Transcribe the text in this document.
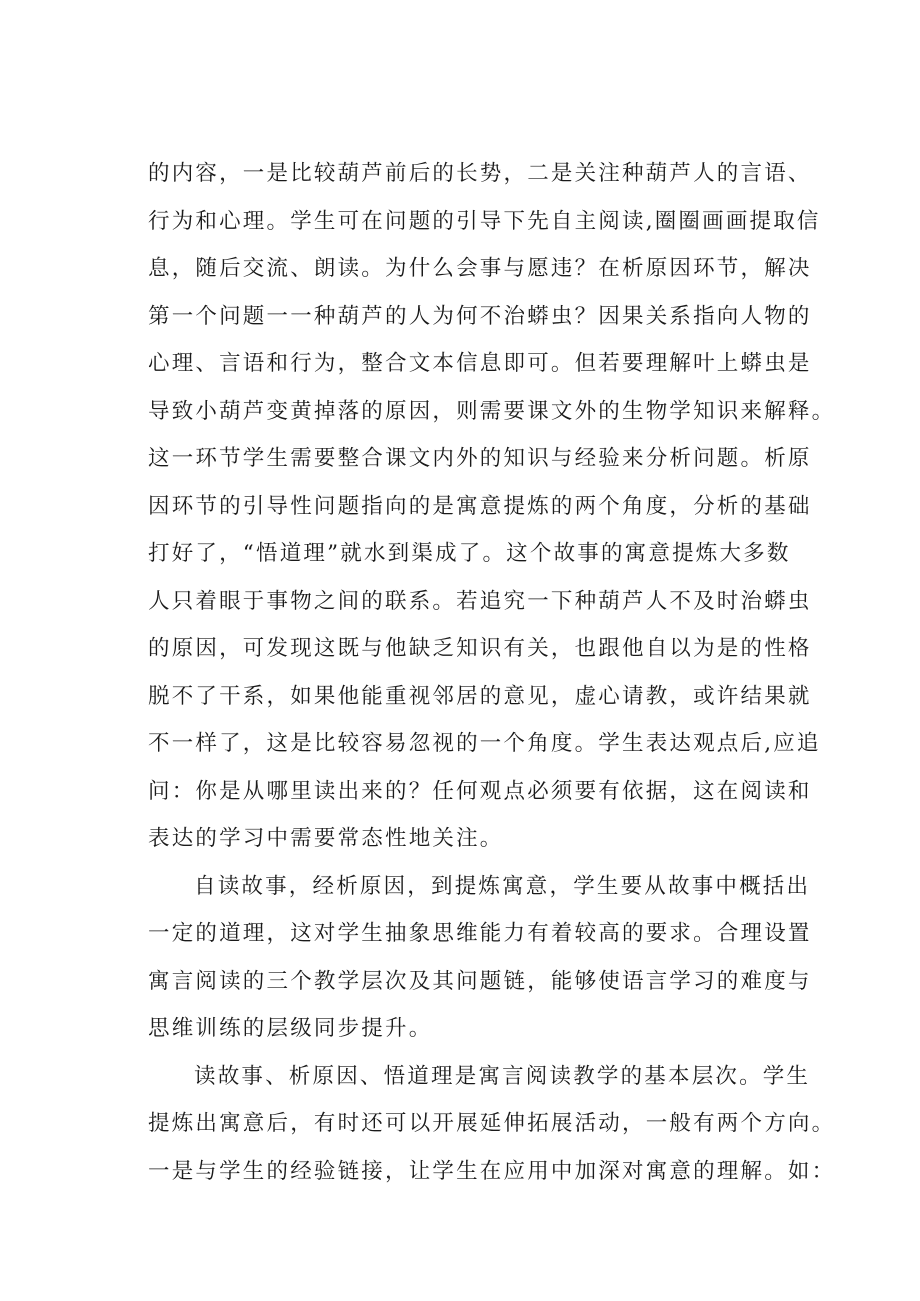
的内容，一是比较葫芦前后的长势，二是关注种葫芦人的言语、
行为和心理。学生可在问题的引导下先自主阅读,圈圈画画提取信
息，随后交流、朗读。为什么会事与愿违？在析原因环节，解决
第一个问题一一种葫芦的人为何不治蟒虫？因果关系指向人物的
心理、言语和行为，整合文本信息即可。但若要理解叶上蟒虫是
导致小葫芦变黄掉落的原因，则需要课文外的生物学知识来解释。
这一环节学生需要整合课文内外的知识与经验来分析问题。析原
因环节的引导性问题指向的是寓意提炼的两个角度，分析的基础
打好了，“悟道理”就水到渠成了。这个故事的寓意提炼大多数
人只着眼于事物之间的联系。若追究一下种葫芦人不及时治蟒虫
的原因，可发现这既与他缺乏知识有关，也跟他自以为是的性格
脱不了干系，如果他能重视邻居的意见，虚心请教，或许结果就
不一样了，这是比较容易忽视的一个角度。学生表达观点后,应追
问：你是从哪里读出来的？任何观点必须要有依据，这在阅读和
表达的学习中需要常态性地关注。
自读故事，经析原因，到提炼寓意，学生要从故事中概括出
一定的道理，这对学生抽象思维能力有着较高的要求。合理设置
寓言阅读的三个教学层次及其问题链，能够使语言学习的难度与
思维训练的层级同步提升。
读故事、析原因、悟道理是寓言阅读教学的基本层次。学生
提炼出寓意后，有时还可以开展延伸拓展活动，一般有两个方向。
一是与学生的经验链接，让学生在应用中加深对寓意的理解。如：
